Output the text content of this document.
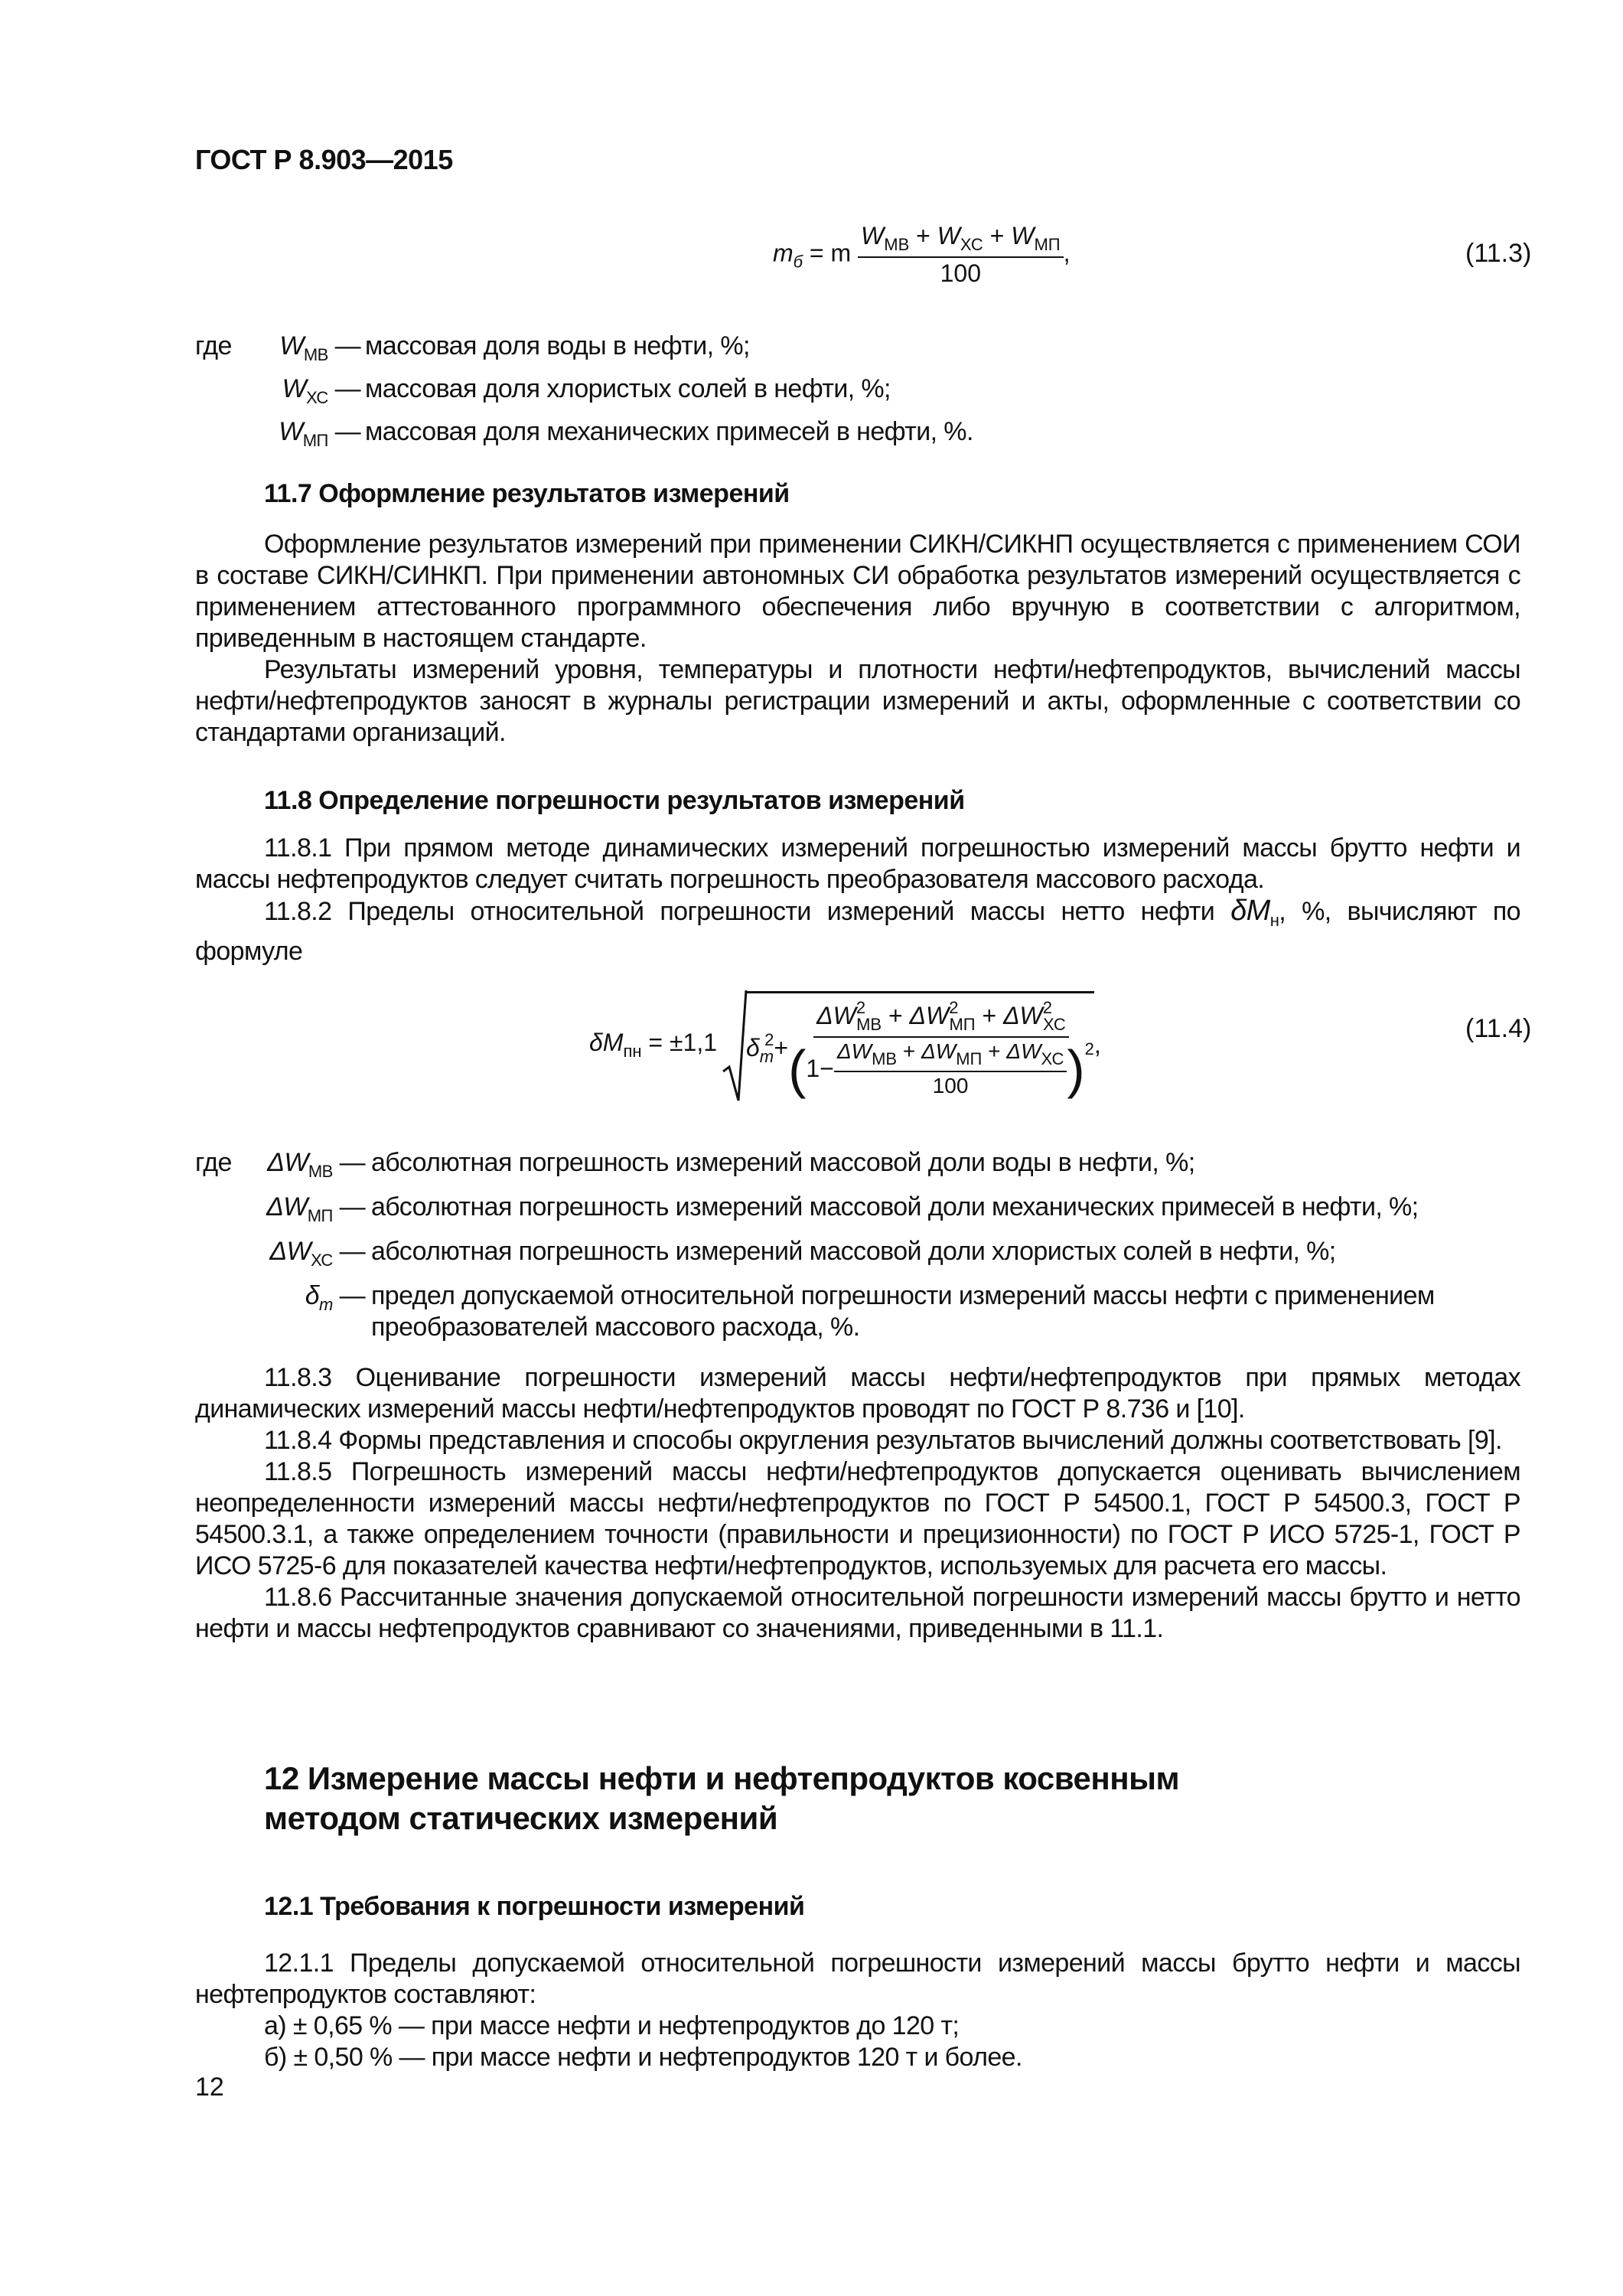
ГОСТ Р 8.903—2015
$m_б = m \frac{W_{МВ} + W_{ХС} + W_{МП}}{100}$ ,	(11.3)
где	$W_{МВ}$ — массовая доля воды в нефти, %;
$W_{ХС}$ — массовая доля хлористых солей в нефти, %;
$W_{МП}$ — массовая доля механических примесей в нефти, %.
11.7 Оформление результатов измерений

Оформление результатов измерений при применении СИКН/СИКНП осуществляется с применением СОИ в составе СИКН/СИНКП. При применении автономных СИ обработка результатов измерений осуществляется с применением аттестованного программного обеспечения либо вручную в соответствии с алгоритмом, приведенным в настоящем стандарте.

Результаты измерений уровня, температуры и плотности нефти/нефтепродуктов, вычислений массы нефти/нефтепродуктов заносят в журналы регистрации измерений и акты, оформленные с соответствии со стандартами организаций.

11.8 Определение погрешности результатов измерений

11.8.1 При прямом методе динамических измерений погрешностью измерений массы брутто нефти и массы нефтепродуктов следует считать погрешность преобразователя массового расхода.

11.8.2 Пределы относительной погрешности измерений массы нетто нефти $\delta M_н$, %, вычисляют по формуле

$\delta M_{пн} = \pm 1,1$ $\delta_m^2+$
$\Delta W^2_{МВ} + \Delta W^2_{МП} + \Delta W^2_{ХС}$
( $1- \frac{\Delta W_{МВ} + \Delta W_{МП} + \Delta W_{ХС}}{100} )^2$ ,
(11.4)
где	$\Delta W_{МВ}$ — абсолютная погрешность измерений массовой доли воды в нефти, %;
$\Delta W_{МП}$ — абсолютная погрешность измерений массовой доли механических примесей в нефти, %;
$\Delta W_{ХС}$ — абсолютная погрешность измерений массовой доли хлористых солей в нефти, %;
$\delta_m$ — предел допускаемой относительной погрешности измерений массы нефти с применением преобразователей массового расхода, %.

11.8.3 Оценивание погрешности измерений массы нефти/нефтепродуктов при прямых методах динамических измерений массы нефти/нефтепродуктов проводят по ГОСТ Р 8.736 и [10].

11.8.4 Формы представления и способы округления результатов вычислений должны соответствовать [9].

11.8.5 Погрешность измерений массы нефти/нефтепродуктов допускается оценивать вычислением неопределенности измерений массы нефти/нефтепродуктов по ГОСТ Р 54500.1, ГОСТ Р 54500.3, ГОСТ Р 54500.3.1, а также определением точности (правильности и прецизионности) по ГОСТ Р ИСО 5725-1, ГОСТ Р ИСО 5725-6 для показателей качества нефти/нефтепродуктов, используемых для расчета его массы.

11.8.6 Рассчитанные значения допускаемой относительной погрешности измерений массы брутто и нетто нефти и массы нефтепродуктов сравнивают со значениями, приведенными в 11.1.

12 Измерение массы нефти и нефтепродуктов косвенным методом статических измерений
12.1 Требования к погрешности измерений

12.1.1 Пределы допускаемой относительной погрешности измерений массы брутто нефти и массы нефтепродуктов составляют:

а) ± 0,65 % — при массе нефти и нефтепродуктов до 120 т;

б) ± 0,50 % — при массе нефти и нефтепродуктов 120 т и более.

12
